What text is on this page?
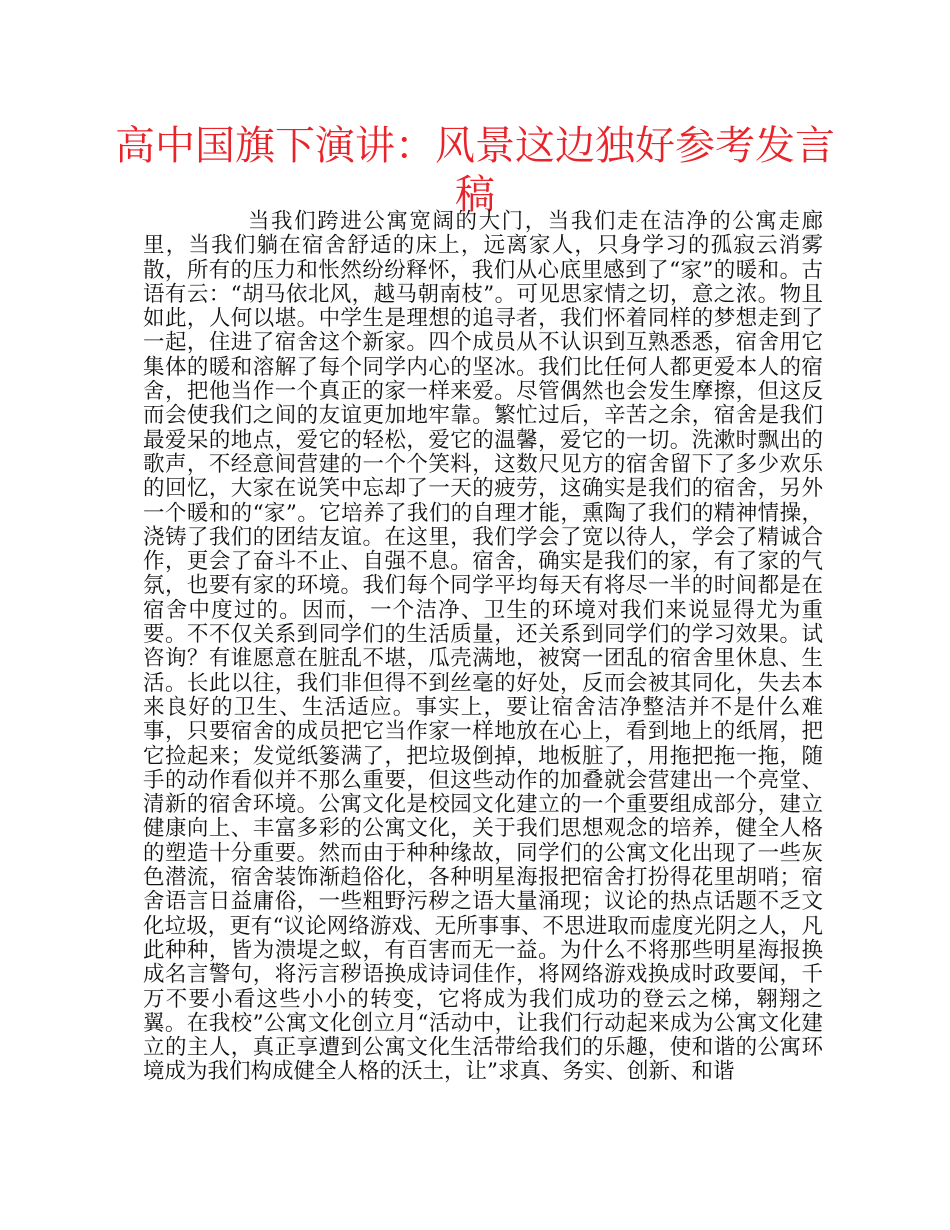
高中国旗下演讲：风景这边独好参考发言稿

当我们跨进公寓宽阔的大门，当我们走在洁净的公寓走廊里，当我们躺在宿舍舒适的床上，远离家人，只身学习的孤寂云消雾散，所有的压力和怅然纷纷释怀，我们从心底里感到了“家”的暖和。古语有云：“胡马依北风，越马朝南枝”。可见思家情之切，意之浓。物且如此，人何以堪。中学生是理想的追寻者，我们怀着同样的梦想走到了一起，住进了宿舍这个新家。四个成员从不认识到互熟悉悉，宿舍用它集体的暖和溶解了每个同学内心的坚冰。我们比任何人都更爱本人的宿舍，把他当作一个真正的家一样来爱。尽管偶然也会发生摩擦，但这反而会使我们之间的友谊更加地牢靠。繁忙过后，辛苦之余，宿舍是我们最爱呆的地点，爱它的轻松，爱它的温馨，爱它的一切。洗漱时飘出的歌声，不经意间营建的一个个笑料，这数尺见方的宿舍留下了多少欢乐的回忆，大家在说笑中忘却了一天的疲劳，这确实是我们的宿舍，另外一个暖和的“家”。它培养了我们的自理才能，熏陶了我们的精神情操，浇铸了我们的团结友谊。在这里，我们学会了宽以待人，学会了精诚合作，更会了奋斗不止、自强不息。宿舍，确实是我们的家，有了家的气氛，也要有家的环境。我们每个同学平均每天有将尽一半的时间都是在宿舍中度过的。因而，一个洁净、卫生的环境对我们来说显得尤为重要。不不仅关系到同学们的生活质量，还关系到同学们的学习效果。试咨询？有谁愿意在脏乱不堪，瓜壳满地，被窝一团乱的宿舍里休息、生活。长此以往，我们非但得不到丝毫的好处，反而会被其同化，失去本来良好的卫生、生活适应。事实上，要让宿舍洁净整洁并不是什么难事，只要宿舍的成员把它当作家一样地放在心上，看到地上的纸屑，把它捡起来；发觉纸篓满了，把垃圾倒掉，地板脏了，用拖把拖一拖，随手的动作看似并不那么重要，但这些动作的加叠就会营建出一个亮堂、清新的宿舍环境。公寓文化是校园文化建立的一个重要组成部分，建立健康向上、丰富多彩的公寓文化，关于我们思想观念的培养，健全人格的塑造十分重要。然而由于种种缘故，同学们的公寓文化出现了一些灰色潜流，宿舍装饰渐趋俗化，各种明星海报把宿舍打扮得花里胡哨；宿舍语言日益庸俗，一些粗野污秽之语大量涌现；议论的热点话题不乏文化垃圾，更有“议论网络游戏、无所事事、不思进取而虚度光阴之人，凡此种种，皆为溃堤之蚁，有百害而无一益。为什么不将那些明星海报换成名言警句，将污言秽语换成诗词佳作，将网络游戏换成时政要闻，千万不要小看这些小小的转变，它将成为我们成功的登云之梯，翱翔之翼。在我校”公寓文化创立月“活动中，让我们行动起来成为公寓文化建立的主人，真正享遭到公寓文化生活带给我们的乐趣，使和谐的公寓环境成为我们构成健全人格的沃土，让”求真、务实、创新、和谐
